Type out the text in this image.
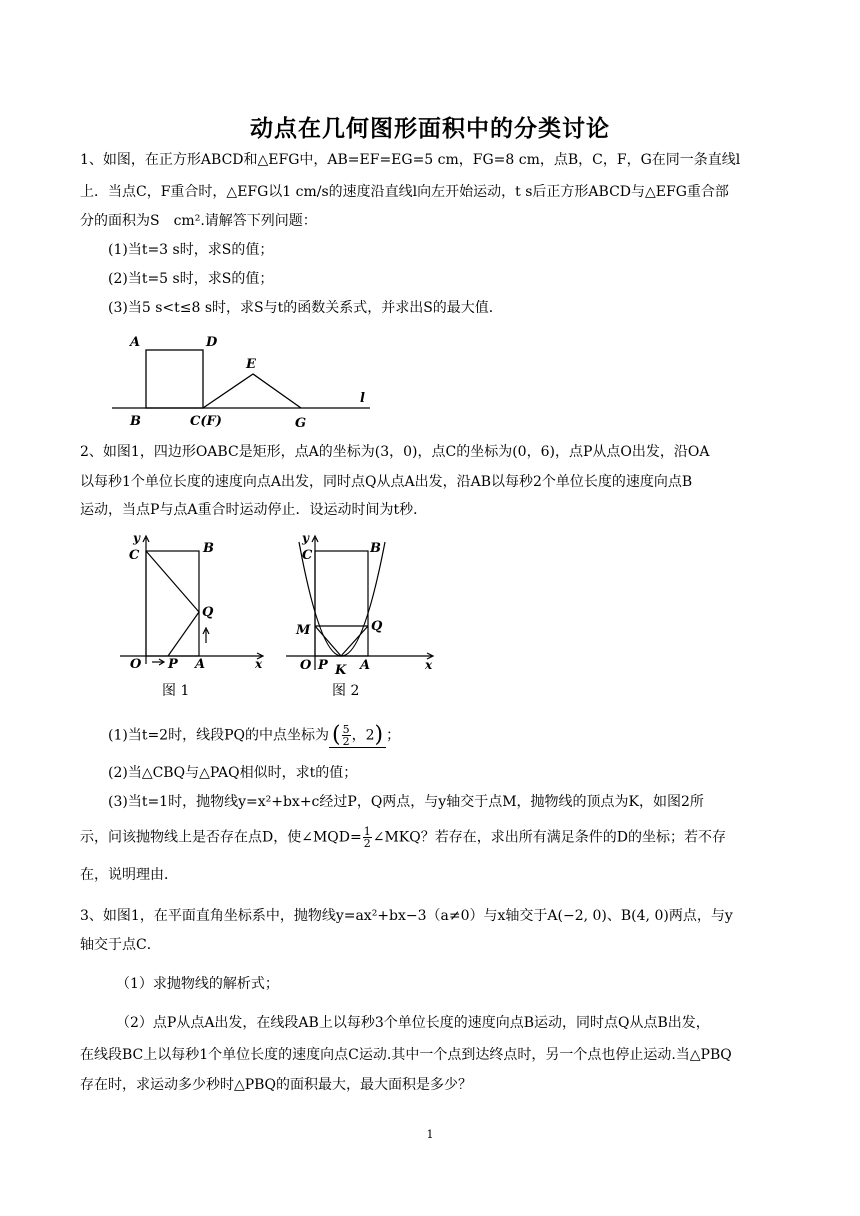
动点在几何图形面积中的分类讨论
1、如图，在正方形ABCD和△EFG中，AB=EF=EG=5 cm，FG=8 cm，点B，C，F，G在同一条直线l
上．当点C，F重合时，△EFG以1 cm/s的速度沿直线l向左开始运动，t s后正方形ABCD与△EFG重合部
分的面积为S　cm².请解答下列问题：
(1)当t=3 s时，求S的值；
(2)当t=5 s时，求S的值；
(3)当5 s<t≤8 s时，求S与t的函数关系式，并求出S的最大值．
A	D
E
B	C(F)	G
l
2、如图1，四边形OABC是矩形，点A的坐标为(3，0)，点C的坐标为(0，6)，点P从点O出发，沿OA
以每秒1个单位长度的速度向点A出发，同时点Q从点A出发，沿AB以每秒2个单位长度的速度向点B
运动，当点P与点A重合时运动停止．设运动时间为t秒．
y
C	B
Q
O P A	x
图 1
y
C	B
M	Q
O P K A	x
图 2
(1)当t=2时，线段PQ的中点坐标为 ( $\frac{5}{2}$ ，2) ；
(2)当△CBQ与△PAQ相似时，求t的值；
(3)当t=1时，抛物线y=x²+bx+c经过P，Q两点，与y轴交于点M，抛物线的顶点为K，如图2所
示，问该抛物线上是否存在点D，使∠MQD= $\frac{1}{2}$ ∠MKQ？若存在，求出所有满足条件的D的坐标；若不存
在，说明理由．
3、如图1，在平面直角坐标系中，抛物线y=ax²+bx−3（a≠0）与x轴交于A(−2, 0)、B(4, 0)两点，与y
轴交于点C．
（1）求抛物线的解析式；
（2）点P从点A出发，在线段AB上以每秒3个单位长度的速度向点B运动，同时点Q从点B出发，
在线段BC上以每秒1个单位长度的速度向点C运动.其中一个点到达终点时，另一个点也停止运动.当△PBQ
存在时，求运动多少秒时△PBQ的面积最大，最大面积是多少？
1
